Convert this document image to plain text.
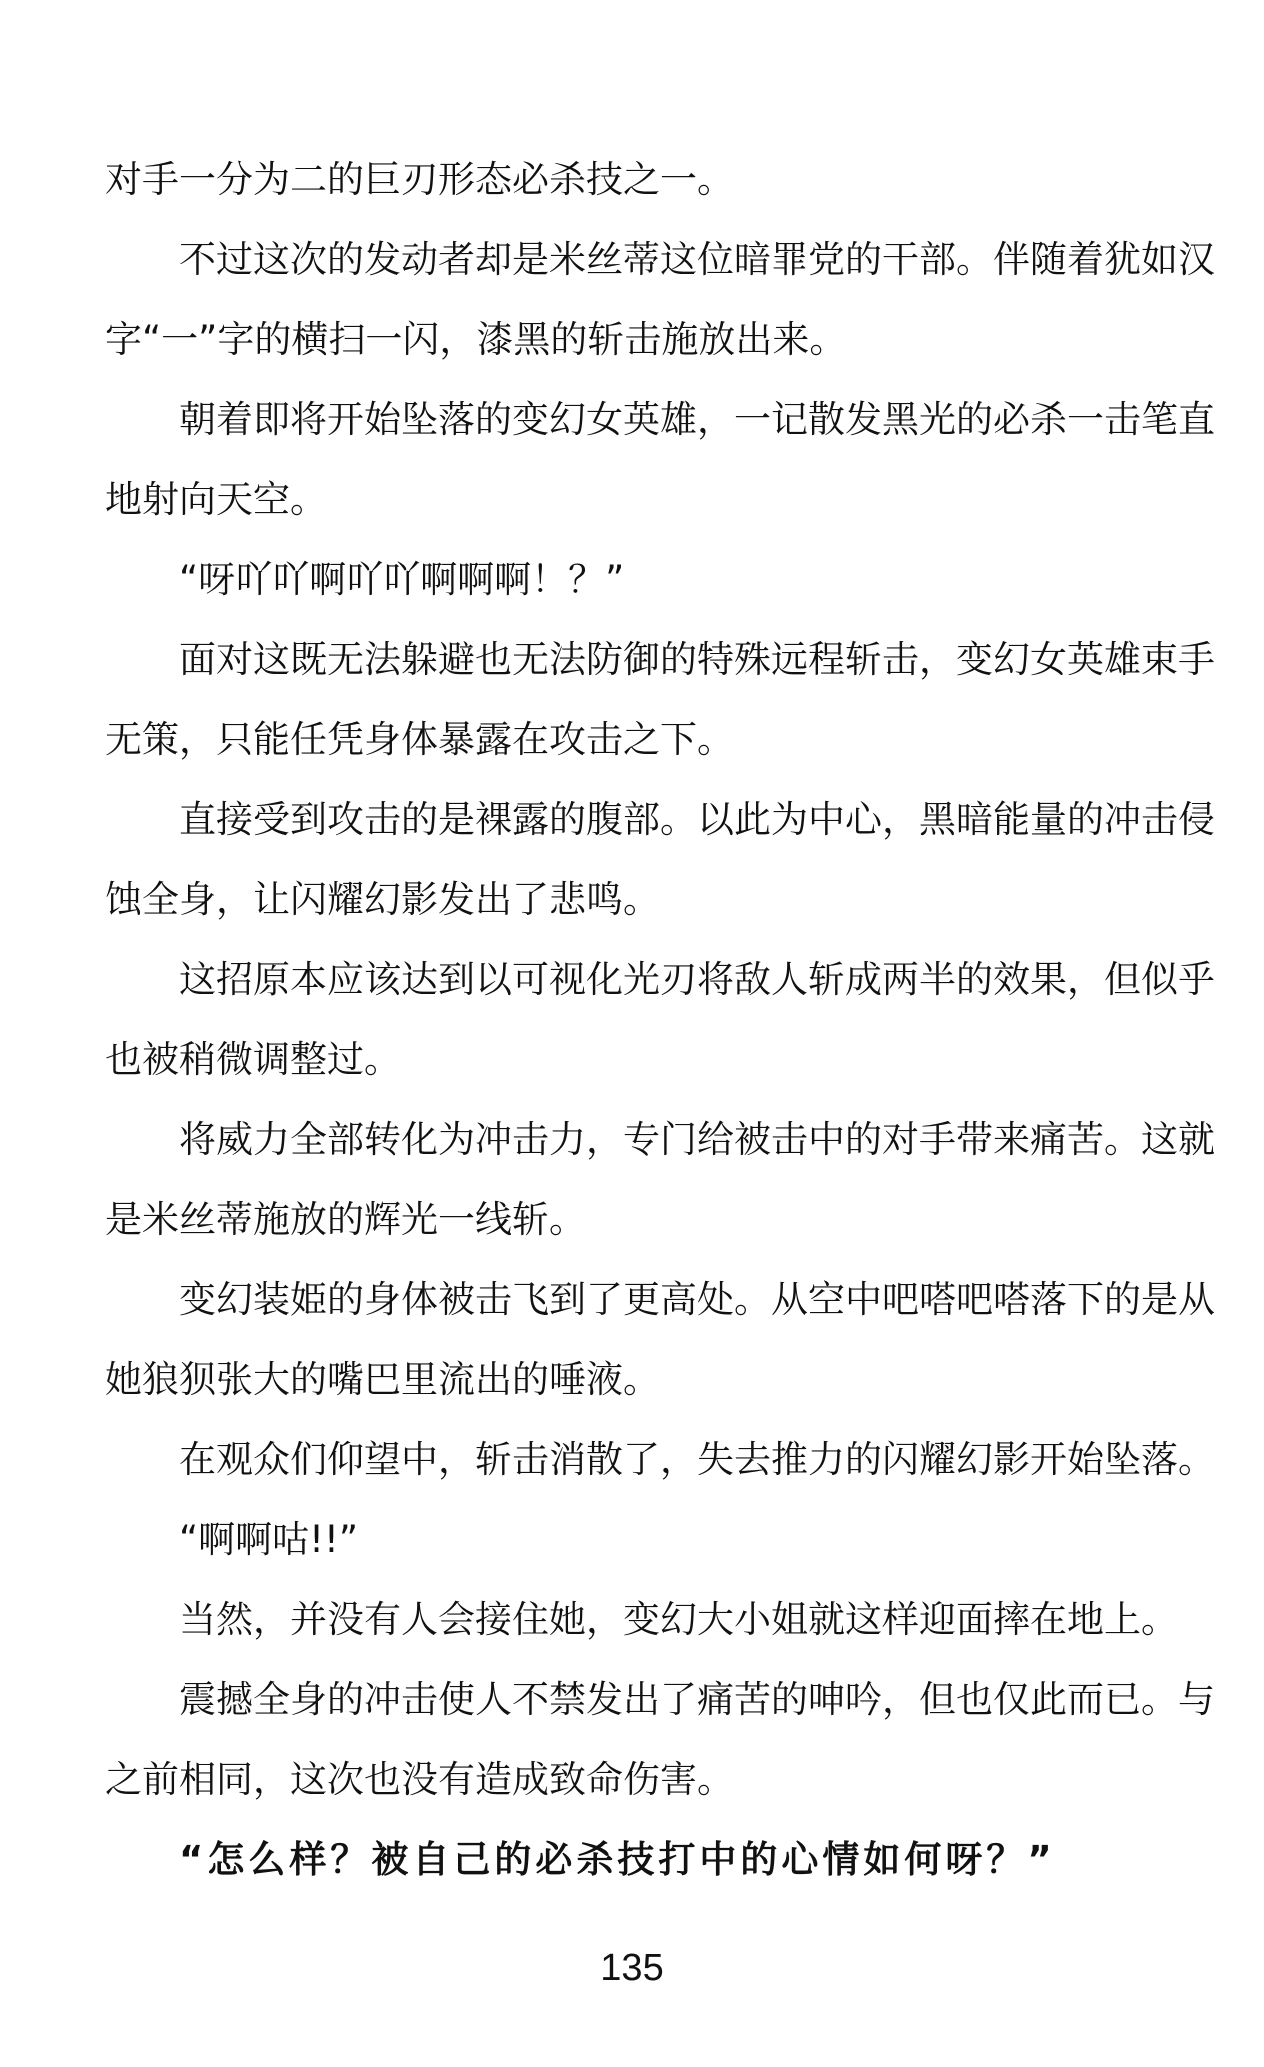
对手一分为二的巨刃形态必杀技之一。
不过这次的发动者却是米丝蒂这位暗罪党的干部。伴随着犹如汉
字“一”字的横扫一闪，漆黑的斩击施放出来。
朝着即将开始坠落的变幻女英雄，一记散发黑光的必杀一击笔直
地射向天空。
“呀吖吖啊吖吖啊啊啊！？”
面对这既无法躲避也无法防御的特殊远程斩击，变幻女英雄束手
无策，只能任凭身体暴露在攻击之下。
直接受到攻击的是裸露的腹部。以此为中心，黑暗能量的冲击侵
蚀全身，让闪耀幻影发出了悲鸣。
这招原本应该达到以可视化光刃将敌人斩成两半的效果，但似乎
也被稍微调整过。
将威力全部转化为冲击力，专门给被击中的对手带来痛苦。这就
是米丝蒂施放的辉光一线斩。
变幻装姫的身体被击飞到了更高处。从空中吧嗒吧嗒落下的是从
她狼狈张大的嘴巴里流出的唾液。
在观众们仰望中，斩击消散了，失去推力的闪耀幻影开始坠落。
“啊啊咕!!”
当然，并没有人会接住她，变幻大小姐就这样迎面摔在地上。
震撼全身的冲击使人不禁发出了痛苦的呻吟，但也仅此而已。与
之前相同，这次也没有造成致命伤害。
“怎么样？被自己的必杀技打中的心情如何呀？”
135
